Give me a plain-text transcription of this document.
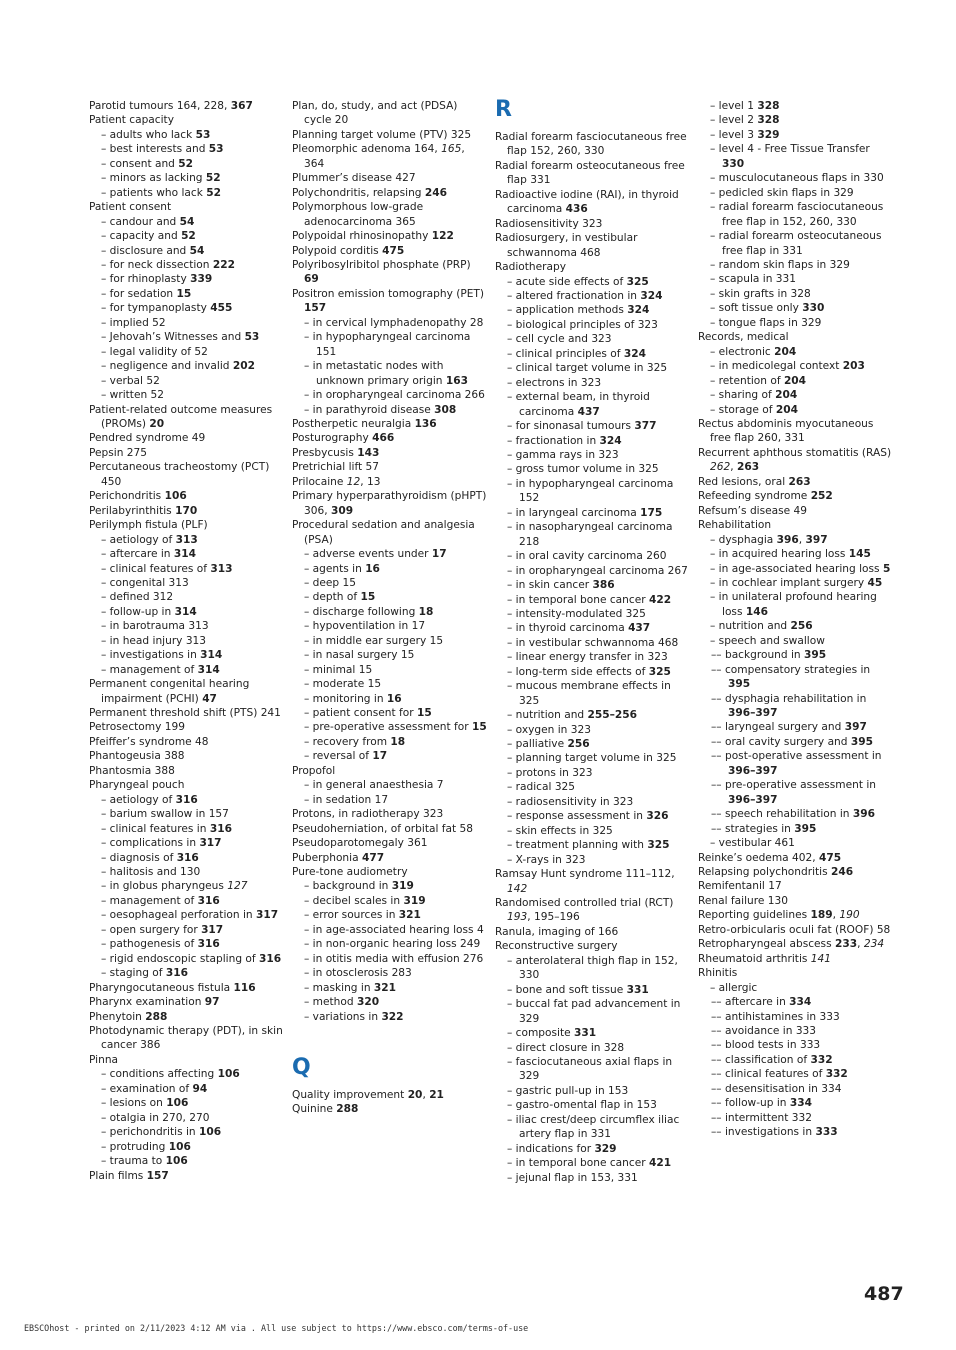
Parotid tumours 164, 228, 367
Patient capacity
– adults who lack 53
– best interests and 53
– consent and 52
– minors as lacking 52
– patients who lack 52
Patient consent
– candour and 54
– capacity and 52
– disclosure and 54
– for neck dissection 222
– for rhinoplasty 339
– for sedation 15
– for tympanoplasty 455
– implied 52
– Jehovah’s Witnesses and 53
– legal validity of 52
– negligence and invalid 202
– verbal 52
– written 52
Patient-related outcome measures (PROMs) 20
Pendred syndrome 49
Pepsin 275
Percutaneous tracheostomy (PCT) 450
Perichondritis 106
Perilabyrinthitis 170
Perilymph fistula (PLF)
– aetiology of 313
– aftercare in 314
– clinical features of 313
– congenital 313
– defined 312
– follow-up in 314
– in barotrauma 313
– in head injury 313
– investigations in 314
– management of 314
Permanent congenital hearing impairment (PCHI) 47
Permanent threshold shift (PTS) 241
Petrosectomy 199
Pfeiffer’s syndrome 48
Phantogeusia 388
Phantosmia 388
Pharyngeal pouch
– aetiology of 316
– barium swallow in 157
– clinical features in 316
– complications in 317
– diagnosis of 316
– halitosis and 130
– in globus pharyngeus 127
– management of 316
– oesophageal perforation in 317
– open surgery for 317
– pathogenesis of 316
– rigid endoscopic stapling of 316
– staging of 316
Pharyngocutaneous fistula 116
Pharynx examination 97
Phenytoin 288
Photodynamic therapy (PDT), in skin cancer 386
Pinna
– conditions affecting 106
– examination of 94
– lesions on 106
– otalgia in 270, 270
– perichondritis in 106
– protruding 106
– trauma to 106
Plain films 157
Plan, do, study, and act (PDSA) cycle 20
Planning target volume (PTV) 325
Pleomorphic adenoma 164, 165, 364
Plummer’s disease 427
Polychondritis, relapsing 246
Polymorphous low-grade adenocarcinoma 365
Polypoidal rhinosinopathy 122
Polypoid corditis 475
Polyribosylribitol phosphate (PRP) 69
Positron emission tomography (PET) 157
– in cervical lymphadenopathy 28
– in hypopharyngeal carcinoma 151
– in metastatic nodes with unknown primary origin 163
– in oropharyngeal carcinoma 266
– in parathyroid disease 308
Postherpetic neuralgia 136
Posturography 466
Presbycusis 143
Pretrichial lift 57
Prilocaine 12, 13
Primary hyperparathyroidism (pHPT) 306, 309
Procedural sedation and analgesia (PSA)
– adverse events under 17
– agents in 16
– deep 15
– depth of 15
– discharge following 18
– hypoventilation in 17
– in middle ear surgery 15
– in nasal surgery 15
– minimal 15
– moderate 15
– monitoring in 16
– patient consent for 15
– pre-operative assessment for 15
– recovery from 18
– reversal of 17
Propofol
– in general anaesthesia 7
– in sedation 17
Protons, in radiotherapy 323
Pseudoherniation, of orbital fat 58
Pseudoparotomegaly 361
Puberphonia 477
Pure-tone audiometry
– background in 319
– decibel scales in 319
– error sources in 321
– in age-associated hearing loss 4
– in non-organic hearing loss 249
– in otitis media with effusion 276
– in otosclerosis 283
– masking in 321
– method 320
– variations in 322
Q
Quality improvement 20, 21
Quinine 288
R
Radial forearm fasciocutaneous free flap 152, 260, 330
Radial forearm osteocutaneous free flap 331
Radioactive iodine (RAI), in thyroid carcinoma 436
Radiosensitivity 323
Radiosurgery, in vestibular schwannoma 468
Radiotherapy
– acute side effects of 325
– altered fractionation in 324
– application methods 324
– biological principles of 323
– cell cycle and 323
– clinical principles of 324
– clinical target volume in 325
– electrons in 323
– external beam, in thyroid carcinoma 437
– for sinonasal tumours 377
– fractionation in 324
– gamma rays in 323
– gross tumor volume in 325
– in hypopharyngeal carcinoma 152
– in laryngeal carcinoma 175
– in nasopharyngeal carcinoma 218
– in oral cavity carcinoma 260
– in oropharyngeal carcinoma 267
– in skin cancer 386
– in temporal bone cancer 422
– intensity-modulated 325
– in thyroid carcinoma 437
– in vestibular schwannoma 468
– linear energy transfer in 323
– long-term side effects of 325
– mucous membrane effects in 325
– nutrition and 255–256
– oxygen in 323
– palliative 256
– planning target volume in 325
– protons in 323
– radical 325
– radiosensitivity in 323
– response assessment in 326
– skin effects in 325
– treatment planning with 325
– X-rays in 323
Ramsay Hunt syndrome 111–112, 142
Randomised controlled trial (RCT) 193, 195–196
Ranula, imaging of 166
Reconstructive surgery
– anterolateral thigh flap in 152, 330
– bone and soft tissue 331
– buccal fat pad advancement in 329
– composite 331
– direct closure in 328
– fasciocutaneous axial flaps in 329
– gastric pull-up in 153
– gastro-omental flap in 153
– iliac crest/deep circumflex iliac artery flap in 331
– indications for 329
– in temporal bone cancer 421
– jejunal flap in 153, 331
– level 1 328
– level 2 328
– level 3 329
– level 4 - Free Tissue Transfer 330
– musculocutaneous flaps in 330
– pedicled skin flaps in 329
– radial forearm fasciocutaneous free flap in 152, 260, 330
– radial forearm osteocutaneous free flap in 331
– random skin flaps in 329
– scapula in 331
– skin grafts in 328
– soft tissue only 330
– tongue flaps in 329
Records, medical
– electronic 204
– in medicolegal context 203
– retention of 204
– sharing of 204
– storage of 204
Rectus abdominis myocutaneous free flap 260, 331
Recurrent aphthous stomatitis (RAS) 262, 263
Red lesions, oral 263
Refeeding syndrome 252
Refsum’s disease 49
Rehabilitation
– dysphagia 396, 397
– in acquired hearing loss 145
– in age-associated hearing loss 5
– in cochlear implant surgery 45
– in unilateral profound hearing loss 146
– nutrition and 256
– speech and swallow
–– background in 395
–– compensatory strategies in 395
–– dysphagia rehabilitation in 396–397
–– laryngeal surgery and 397
–– oral cavity surgery and 395
–– post-operative assessment in 396–397
–– pre-operative assessment in 396–397
–– speech rehabilitation in 396
–– strategies in 395
– vestibular 461
Reinke’s oedema 402, 475
Relapsing polychondritis 246
Remifentanil 17
Renal failure 130
Reporting guidelines 189, 190
Retro-orbicularis oculi fat (ROOF) 58
Retropharyngeal abscess 233, 234
Rheumatoid arthritis 141
Rhinitis
– allergic
–– aftercare in 334
–– antihistamines in 333
–– avoidance in 333
–– blood tests in 333
–– classification of 332
–– clinical features of 332
–– desensitisation in 334
–– follow-up in 334
–– intermittent 332
–– investigations in 333
487
EBSCOhost - printed on 2/11/2023 4:12 AM via . All use subject to https://www.ebsco.com/terms-of-use
